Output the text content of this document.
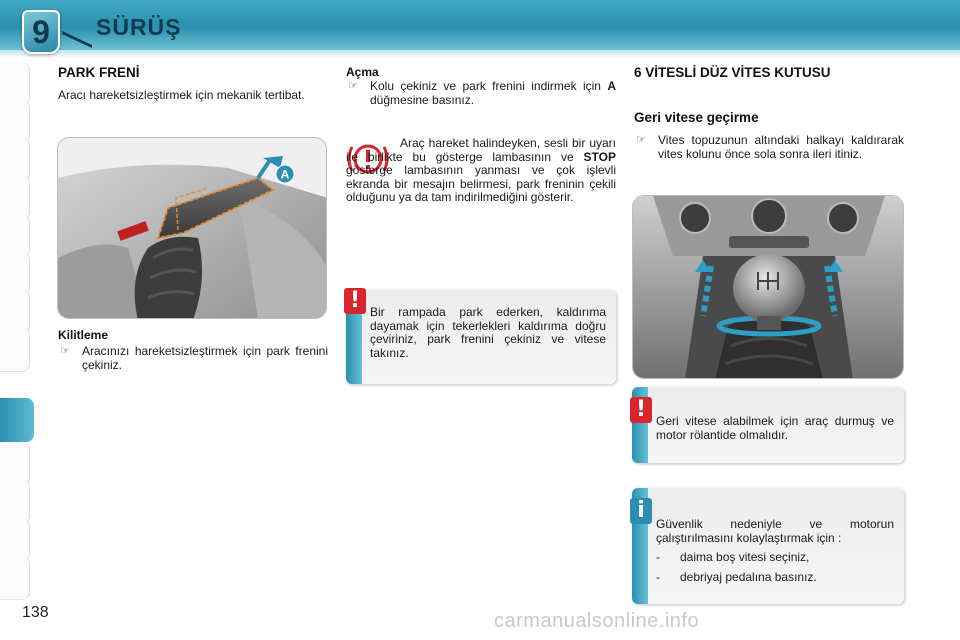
9	SÜRÜŞ
PARK FRENİ
Aracı hareketsizleştirmek için mekanik tertibat.
A
Kilitleme
☞ Aracınızı hareketsizleştirmek için park frenini çekiniz.
Açma
☞ Kolu çekiniz ve park frenini indirmek için A düğmesine basınız.
Araç hareket halindeyken, sesli bir uyarı ile birlikte bu gösterge lambasının ve STOP gösterge lambasının yanması ve çok işlevli ekranda bir mesajın belirmesi, park freninin çekili olduğunu ya da tam indirilmediğini gösterir.
! Bir rampada park ederken, kaldırıma dayamak için tekerlekleri kaldırıma doğru çeviriniz, park frenini çekiniz ve vitese takınız.
6 VİTESLİ DÜZ VİTES KUTUSU
Geri vitese geçirme
☞ Vites topuzunun altındaki halkayı kaldırarak vites kolunu önce sola sonra ileri itiniz.
! Geri vitese alabilmek için araç durmuş ve motor rölantide olmalıdır.
i
Güvenlik nedeniyle ve motorun çalıştırılmasını kolaylaştırmak için :
- daima boş vitesi seçiniz,
- debriyaj pedalına basınız.
138	carmanualsonline.info
